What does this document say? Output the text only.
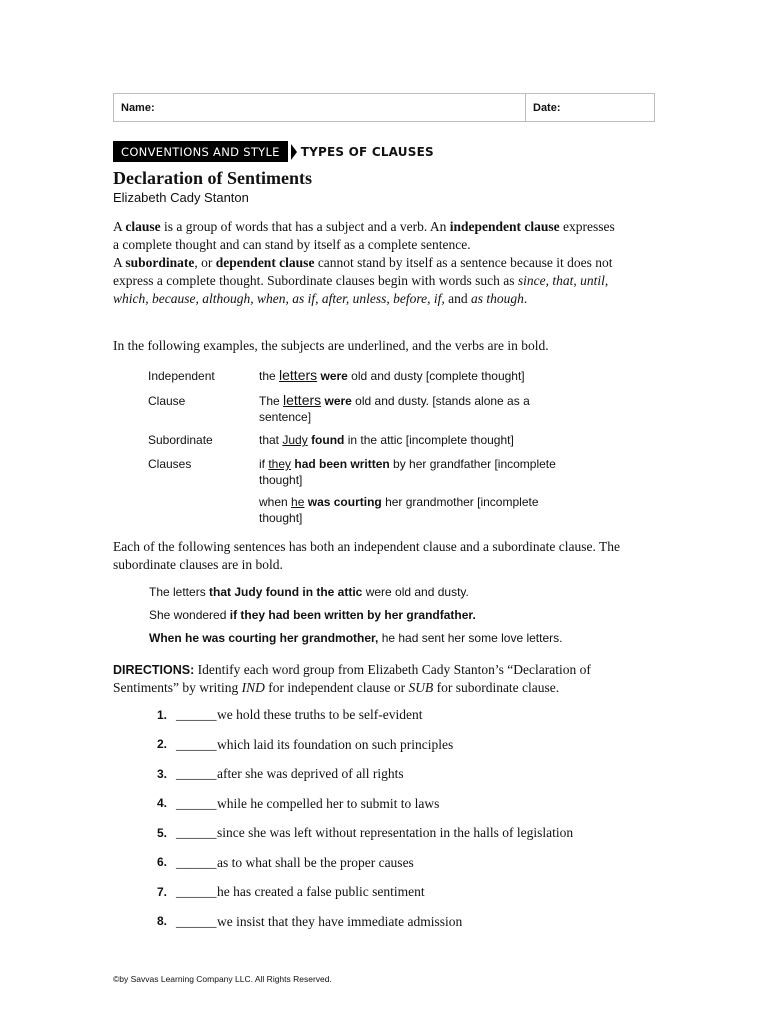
Name:	Date:
CONVENTIONS AND STYLE	TYPES OF CLAUSES
Declaration of Sentiments
Elizabeth Cady Stanton
A clause is a group of words that has a subject and a verb. An independent clause expresses a complete thought and can stand by itself as a complete sentence.
A subordinate, or dependent clause cannot stand by itself as a sentence because it does not express a complete thought. Subordinate clauses begin with words such as since, that, until, which, because, although, when, as if, after, unless, before, if, and as though.
In the following examples, the subjects are underlined, and the verbs are in bold.
Independent
Clause
Subordinate
Clauses
the letters were old and dusty [complete thought]
The letters were old and dusty. [stands alone as a sentence]
that Judy found in the attic [incomplete thought]
if they had been written by her grandfather [incomplete thought]
when he was courting her grandmother [incomplete thought]
Each of the following sentences has both an independent clause and a subordinate clause. The subordinate clauses are in bold.
The letters that Judy found in the attic were old and dusty.
She wondered if they had been written by her grandfather.
When he was courting her grandmother, he had sent her some love letters.
DIRECTIONS: Identify each word group from Elizabeth Cady Stanton’s “Declaration of Sentiments” by writing IND for independent clause or SUB for subordinate clause.
1. ______ we hold these truths to be self-evident
2. ______ which laid its foundation on such principles
3. ______ after she was deprived of all rights
4. ______ while he compelled her to submit to laws
5. ______ since she was left without representation in the halls of legislation
6. ______ as to what shall be the proper causes
7. ______ he has created a false public sentiment
8. ______ we insist that they have immediate admission
©by Savvas Learning Company LLC. All Rights Reserved.
